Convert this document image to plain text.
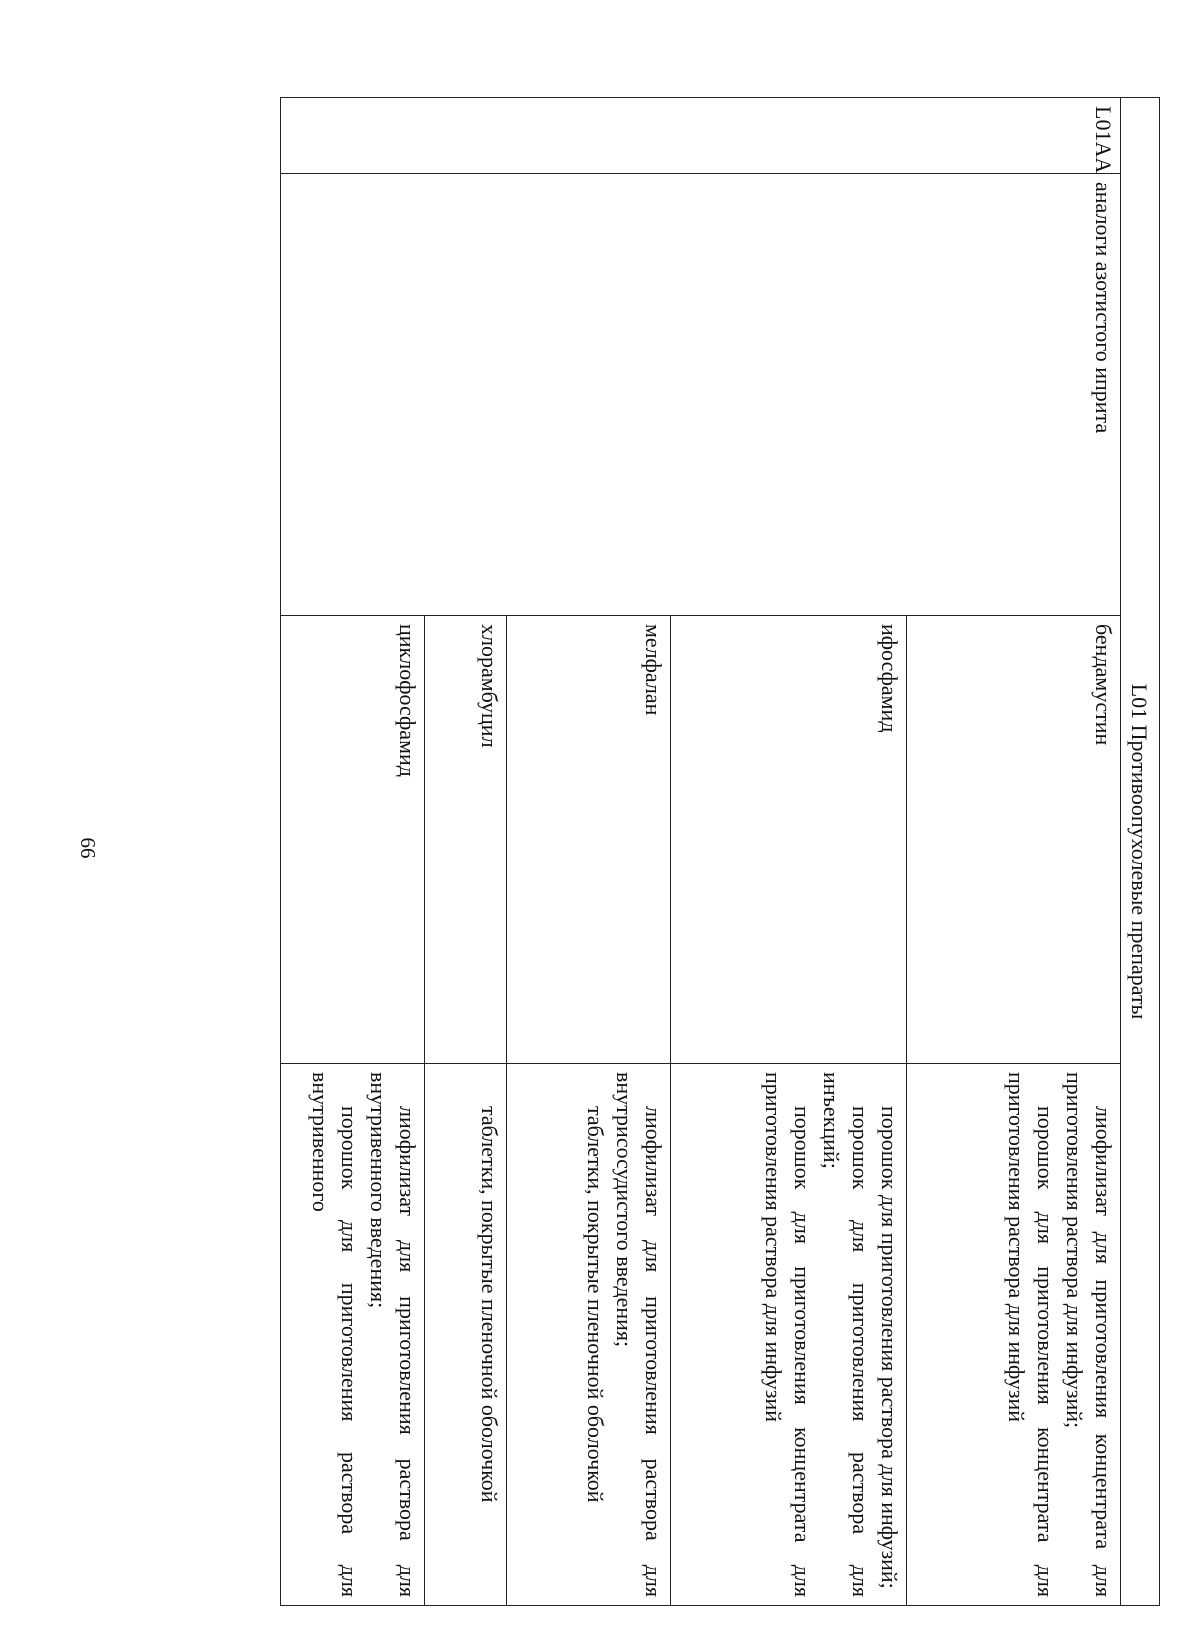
66	L01 Противоопухолевые препараты			
L01AA	аналоги азотистого иприта	бендамустин	лиофилизат для приготовления концентрата для приготовления раствора для инфузий;
порошок для приготовления концентрата для приготовления раствора для инфузий

		ифосфамид	порошок для приготовления раствора для инфузий;
порошок для приготовления раствора для инъекций;
порошок для приготовления концентрата для приготовления раствора для инфузий

		мелфалан	лиофилизат для приготовления раствора для внутрисосудистого введения;
таблетки, покрытые пленочной оболочкой

		хлорамбуцил	таблетки, покрытые пленочной оболочкой

		циклофосфамид	лиофилизат для приготовления раствора для внутривенного введения;
порошок для приготовления раствора для внутривенного
